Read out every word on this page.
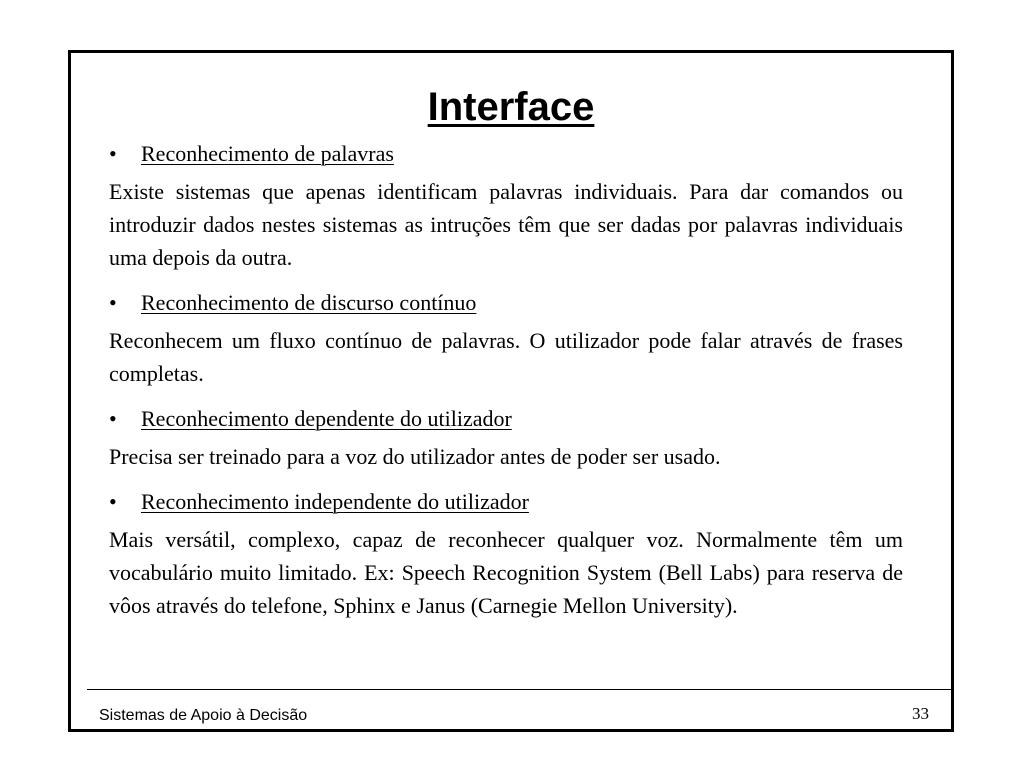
Interface
•	Reconhecimento de palavras

Existe sistemas que apenas identificam palavras individuais. Para dar comandos ou introduzir dados nestes sistemas as intruções têm que ser dadas por palavras individuais uma depois da outra.

•	Reconhecimento de discurso contínuo

Reconhecem um fluxo contínuo de palavras. O utilizador pode falar através de frases completas.

•	Reconhecimento dependente do utilizador

Precisa ser treinado para a voz do utilizador antes de poder ser usado.

•	Reconhecimento independente do utilizador

Mais versátil, complexo, capaz de reconhecer qualquer voz. Normalmente têm um vocabulário muito limitado. Ex: Speech Recognition System (Bell Labs) para reserva de vôos através do telefone, Sphinx e Janus (Carnegie Mellon University).

Sistemas de Apoio à Decisão	33
